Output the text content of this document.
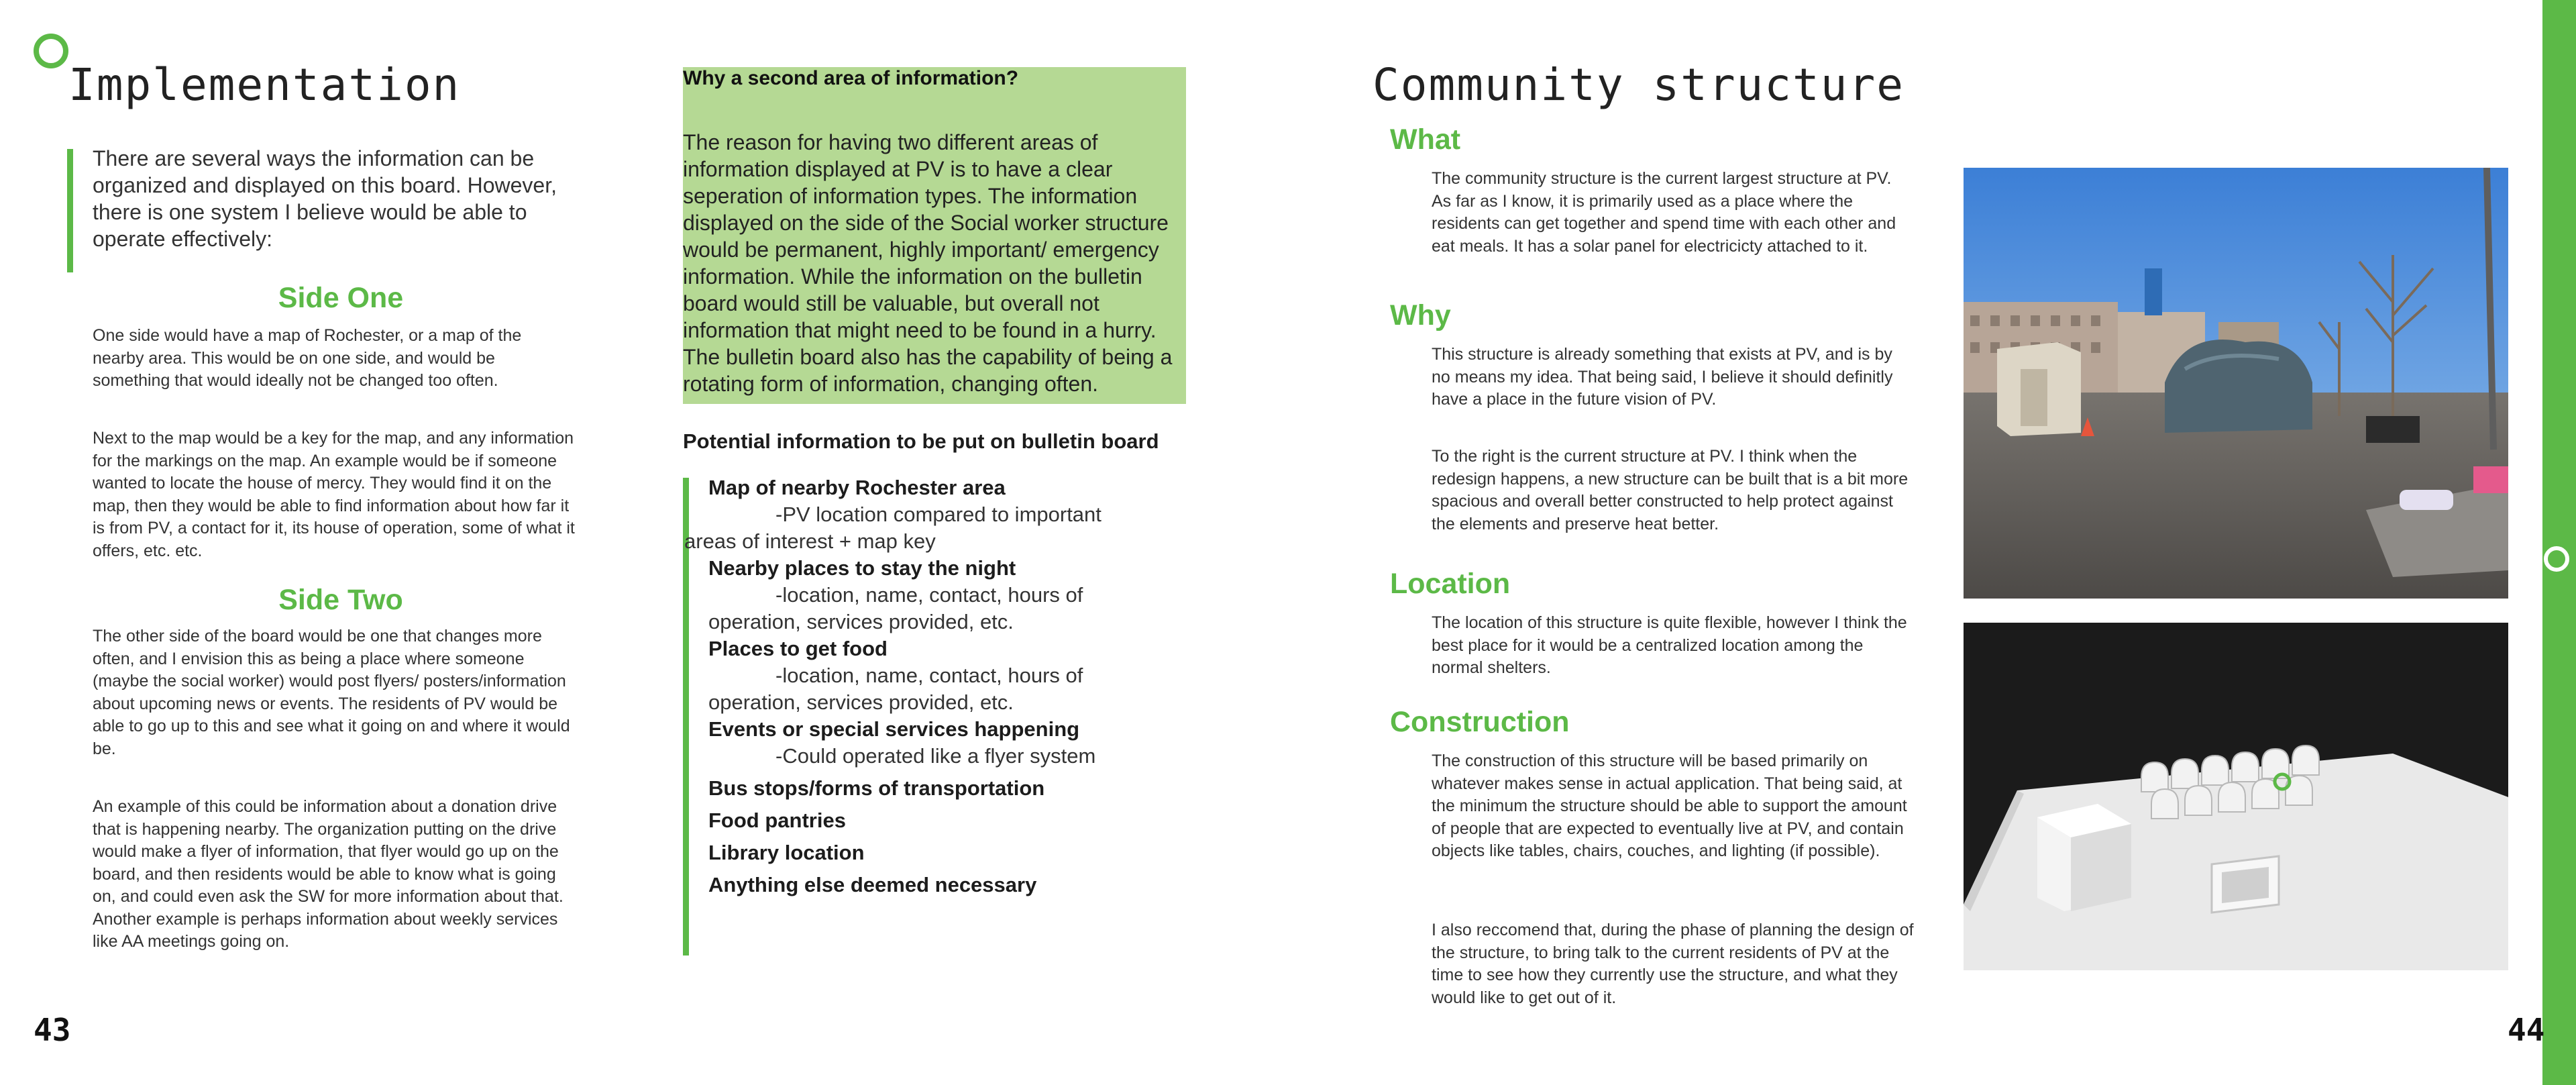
Implementation
There are several ways the information can be organized and displayed on this board. However, there is one system I believe would be able to operate effectively:
Side One
One side would have a map of Rochester, or a map of the nearby area. This would be on one side, and would be something that would ideally not be changed too often.
Next to the map would be a key for the map, and any information for the markings on the map. An example would be if someone wanted to locate the house of mercy. They would find it on the map, then they would be able to find information about how far it is from PV, a contact for it, its house of operation, some of what it offers, etc. etc.
Side Two
The other side of the board would be one that changes more often, and I envision this as being a place where someone (maybe the social worker) would post flyers/ posters/information about upcoming news or events. The residents of PV would be able to go up to this and see what it going on and where it would be.
An example of this could be information about a donation drive that is happening nearby. The organization putting on the drive would make a flyer of information, that flyer would go up on the board, and then residents would be able to know what is going on, and could even ask the SW for more information about that. Another example is perhaps information about weekly services like AA meetings going on.
43
Why a second area of information?
The reason for having two different areas of information displayed at PV is to have a clear seperation of information types. The information displayed on the side of the Social worker structure would be permanent, highly important/ emergency information. While the information on the bulletin board would still be valuable, but overall not information that might need to be found in a hurry. The bulletin board also has the capability of being a rotating form of information, changing often.
Potential information to be put on bulletin board
Map of nearby Rochester area
-PV location compared to important
areas of interest + map key
Nearby places to stay the night
-location, name, contact, hours of
operation, services provided, etc.
Places to get food
-location, name, contact, hours of
operation, services provided, etc.
Events or special services happening
-Could operated like a flyer system
Bus stops/forms of transportation
Food pantries
Library location
Anything else deemed necessary
Community structure
What
The community structure is the current largest structure at PV. As far as I know, it is primarily used as a place where the residents can get together and spend time with each other and eat meals. It has a solar panel for electricicty attached to it.
Why
This structure is already something that exists at PV, and is by no means my idea. That being said, I believe it should definitly have a place in the future vision of PV.
To the right is the current structure at PV. I think when the redesign happens, a new structure can be built that is a bit more spacious and overall better constructed to help protect against the elements and preserve heat better.
Location
The location of this structure is quite flexible, however I think the best place for it would be a centralized location among the normal shelters.
Construction
The construction of this structure will be based primarily on whatever makes sense in actual application. That being said, at the minimum the structure should be able to support the amount of people that are expected to eventually live at PV, and contain objects like tables, chairs, couches, and lighting (if possible).
I also reccomend that, during the phase of planning the design of the structure, to bring talk to the current residents of PV at the time to see how they currently use the structure, and what they would like to get out of it.
44
